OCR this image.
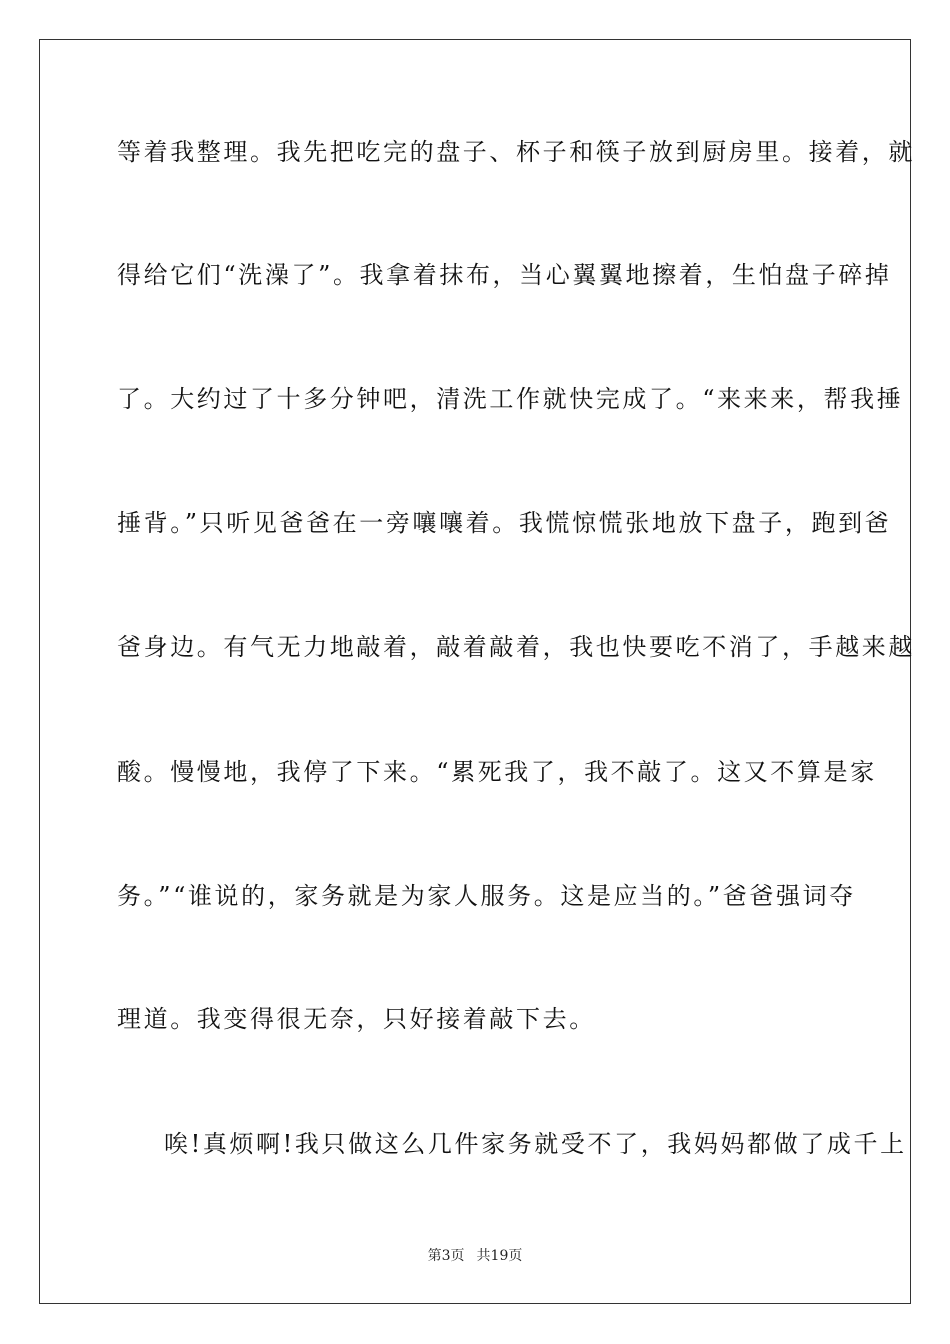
等着我整理。我先把吃完的盘子、杯子和筷子放到厨房里。接着，就
得给它们“洗澡了”。我拿着抹布，当心翼翼地擦着，生怕盘子碎掉
了。大约过了十多分钟吧，清洗工作就快完成了。“来来来，帮我捶
捶背。”只听见爸爸在一旁嚷嚷着。我慌惊慌张地放下盘子，跑到爸
爸身边。有气无力地敲着，敲着敲着，我也快要吃不消了，手越来越
酸。慢慢地，我停了下来。“累死我了，我不敲了。这又不算是家
务。”“谁说的，家务就是为家人服务。这是应当的。”爸爸强词夺
理道。我变得很无奈，只好接着敲下去。
唉!真烦啊!我只做这么几件家务就受不了，我妈妈都做了成千上
第3页 共19页
